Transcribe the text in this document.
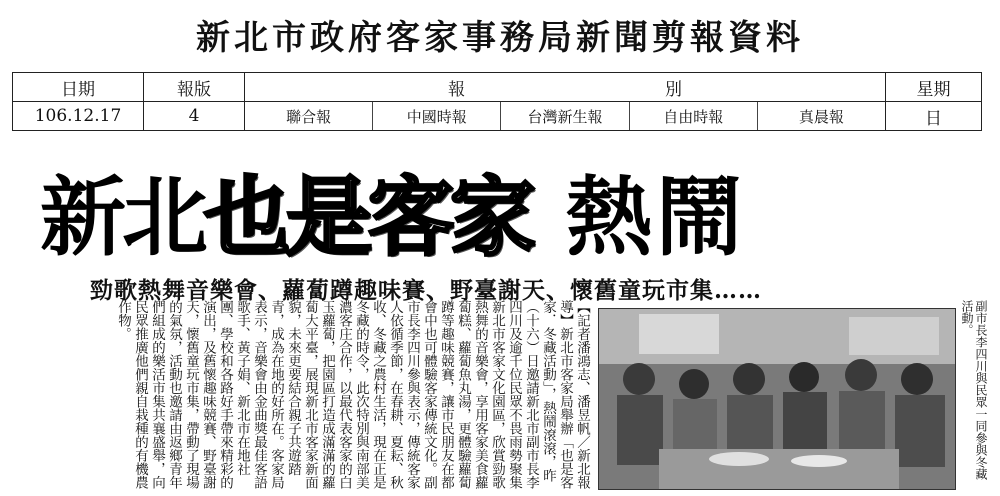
新北市政府客家事務局新聞剪報資料
日期	報版	報 別	星期
106.12.17	4	聯合報 中國時報 台灣新生報 自由時報 真晨報	日
新北 也是客家 熱鬧
勁歌熱舞音樂會、蘿蔔蹲趣味賽、野臺謝天、懷舊童玩市集……
【記者潘鴻志、潘昱帆／新北報導】新北市客家局舉辦「也是客家．冬藏活動」，熱鬧滾滾，昨（十六）日邀請新北市副市長李四川及逾千位民眾不畏雨勢聚集新北市客家文化園區，欣賞勁歌熱舞的音樂會，享用客家美食蘿蔔糕、蘿蔔魚丸湯，更體驗蘿蔔蹲等趣味競賽，讓市民朋友在都會中也可體驗客家傳統文化。副市長李四川參與表示，傳統客家人依循季節，在春耕、夏耘、秋收、冬藏之農村生活，現在正是冬藏的時令，此次特別與南部美濃客庄合作，以最代表客家的白玉蘿蔔，把園區打造成滿滿的蘿蔔大平臺，展現新北市客家新面貌，未來更要結合親子共遊踏青，成為在地的好所在。客家局表示，音樂會由金曲獎最佳客語歌手、黃子娟、新北市在地社團、學校和各路好手帶來精彩的演出，及舊懷趣味競賽、野臺謝天，懷舊童玩市集，帶動了現場的氣氛，活動也邀請由返鄉青年們組成的樂活市集共襄盛舉，向民眾推廣他們親自栽種的有機農作物。	副市長李四川與民眾一同參與冬藏活動。
